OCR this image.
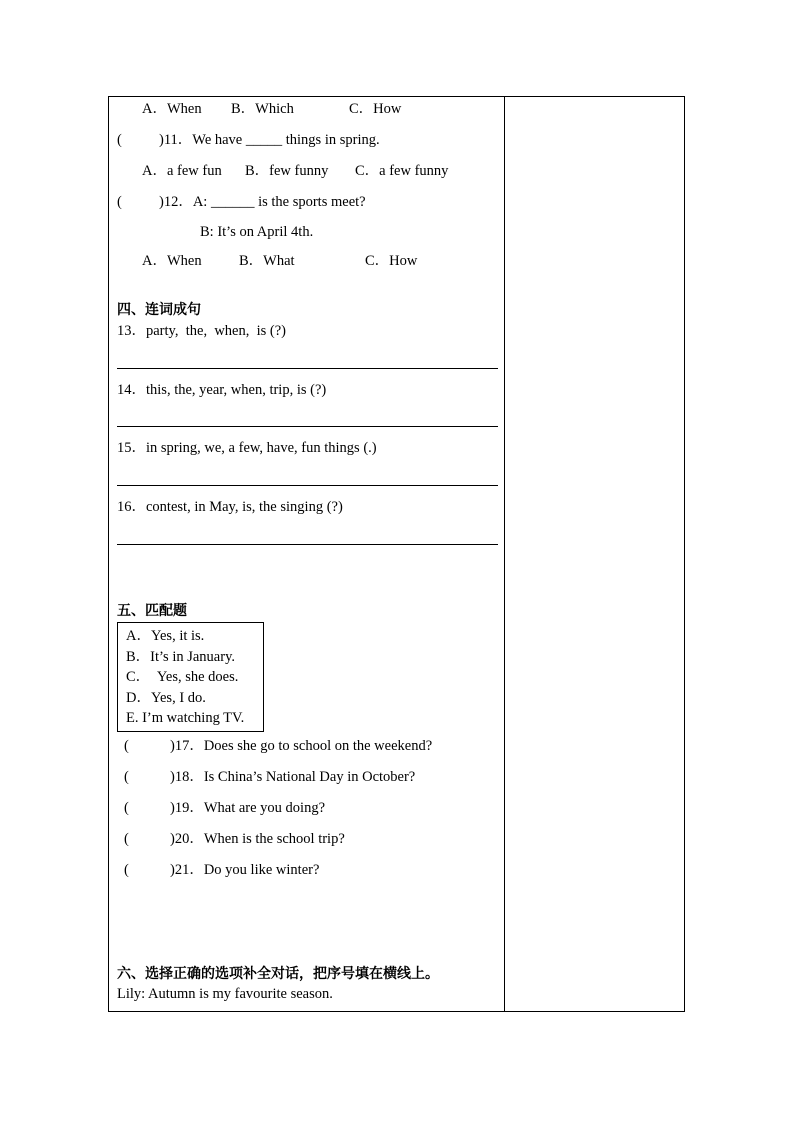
A．When B．Which	C．How
(	)11．We have _____ things in spring.
A．a few fun B．few funny C．a few funny
(	)12．A: ______ is the sports meet?
B: It’s on April 4th.
A．When	B．What	C．How
四、连词成句
13．party,  the,  when,  is (?)
14．this, the, year, when, trip, is (?)
15．in spring, we, a few, have, fun things (.)
16．contest, in May, is, the singing (?)
五、匹配题
A．Yes, it is.
B．It’s in January.
C．  Yes, she does.
D．Yes, I do.
E. I’m watching TV.
(	)17．Does she go to school on the weekend?
(	)18．Is China’s National Day in October?
(	)19．What are you doing?
(	)20．When is the school trip?
(	)21．Do you like winter?
六、选择正确的选项补全对话，把序号填在横线上。
Lily: Autumn is my favourite season.
